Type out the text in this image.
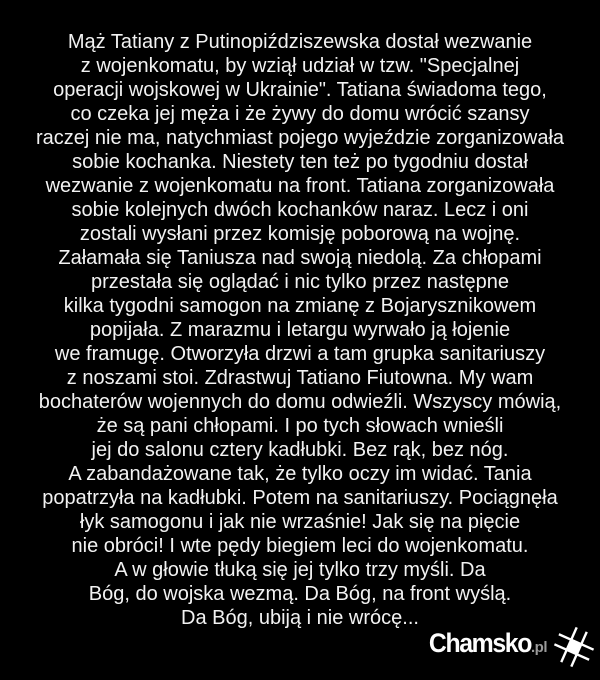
Mąż Tatiany z Putinopiździszewska dostał wezwanie
z wojenkomatu, by wziął udział w tzw. "Specjalnej
operacji wojskowej w Ukrainie". Tatiana świadoma tego,
co czeka jej męża i że żywy do domu wrócić szansy
raczej nie ma, natychmiast pojego wyjeździe zorganizowała
sobie kochanka. Niestety ten też po tygodniu dostał
wezwanie z wojenkomatu na front. Tatiana zorganizowała
sobie kolejnych dwóch kochanków naraz. Lecz i oni
zostali wysłani przez komisję poborową na wojnę.
Załamała się Taniusza nad swoją niedolą. Za chłopami
przestała się oglądać i nic tylko przez następne
kilka tygodni samogon na zmianę z Bojarysznikowem
popijała. Z marazmu i letargu wyrwało ją łojenie
we framugę. Otworzyła drzwi a tam grupka sanitariuszy
z noszami stoi. Zdrastwuj Tatiano Fiutowna. My wam
bochaterów wojennych do domu odwieźli. Wszyscy mówią,
że są pani chłopami. I po tych słowach wnieśli
jej do salonu cztery kadłubki. Bez rąk, bez nóg.
A zabandażowane tak, że tylko oczy im widać. Tania
popatrzyła na kadłubki. Potem na sanitariuszy. Pociągnęła
łyk samogonu i jak nie wrzaśnie! Jak się na pięcie
nie obróci! I wte pędy biegiem leci do wojenkomatu.
A w głowie tłuką się jej tylko trzy myśli. Da
Bóg, do wojska wezmą. Da Bóg, na front wyślą.
Da Bóg, ubiją i nie wrócę...
Chamsko .pl
